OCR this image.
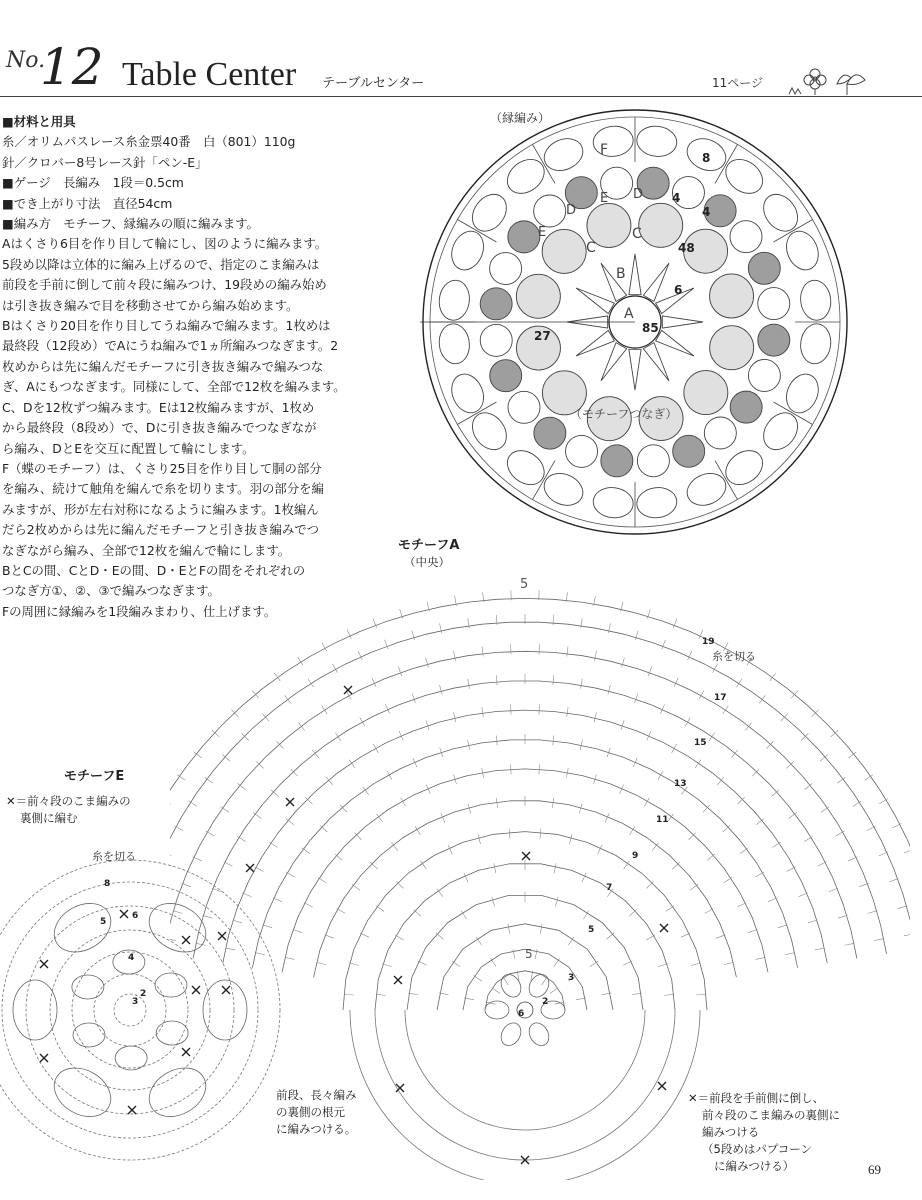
No.
12 Table Center テーブルセンター	11ページ
■材料と用具
糸／オリムパスレース糸金票40番　白（801）110g
針／クロバー8号レース針「ペン-E」
■ゲージ　長編み　1段＝0.5cm
■でき上がり寸法　直径54cm
■編み方　モチーフ、縁編みの順に編みます。
Aはくさり6目を作り目して輪にし、図のように編みます。
5段め以降は立体的に編み上げるので、指定のこま編みは
前段を手前に倒して前々段に編みつけ、19段めの編み始め
は引き抜き編みで目を移動させてから編み始めます。
Bはくさり20目を作り目してうね編みで編みます。1枚めは
最終段（12段め）でAにうね編みで1ヵ所編みつなぎます。2
枚めからは先に編んだモチーフに引き抜き編みで編みつな
ぎ、Aにもつなぎます。同様にして、全部で12枚を編みます。
C、Dを12枚ずつ編みます。Eは12枚編みますが、1枚め
から最終段（8段め）で、Dに引き抜き編みでつなぎなが
ら編み、DとEを交互に配置して輪にします。
F（蝶のモチーフ）は、くさり25目を作り目して胴の部分
を編み、続けて触角を編んで糸を切ります。羽の部分を編
みますが、形が左右対称になるように編みます。1枚編ん
だら2枚めからは先に編んだモチーフと引き抜き編みでつ
なぎながら編み、全部で12枚を編んで輪にします。
BとCの間、CとD・Eの間、D・EとFの間をそれぞれの
つなぎ方①、②、③で編みつなぎます。
Fの周囲に縁編みを1段編みまわり、仕上げます。
（縁編み）
A
85
B
6
C
C
48
D
D 4
E
E
4
F	8
27
（モチーフつなぎ）
モチーフA
（中央）
5
5
糸を切る
19
17
15
13
11
9
7
5
3
2
6
前段、長々編み
の裏側の根元
に編みつける。
✕＝前段を手前側に倒し、
前々段のこま編みの裏側に
編みつける
（5段めはパプコーン
に編みつける）
モチーフE
✕＝前々段のこま編みの
裏側に編む
糸を切る
8
6
5
4
3
2
69
